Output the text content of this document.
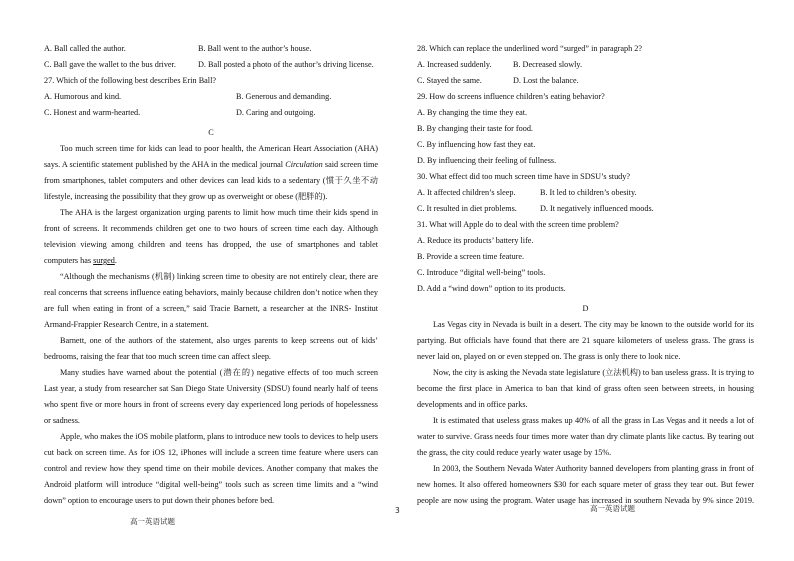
A. Ball called the author.	B. Ball went to the author’s house.
C. Ball gave the wallet to the bus driver.	D. Ball posted a photo of the author’s driving license.
27. Which of the following best describes Erin Ball?
A. Humorous and kind.	B. Generous and demanding.
C. Honest and warm-hearted.	D. Caring and outgoing.
C
Too much screen time for kids can lead to poor health, the American Heart Association (AHA)
says. A scientific statement published by the AHA in the medical journal Circulation said screen time
from smartphones, tablet computers and other devices can lead kids to a sedentary (惯于久坐不动
lifestyle, increasing the possibility that they grow up as overweight or obese (肥胖的).
The AHA is the largest organization urging parents to limit how much time their kids spend in
front of screens. It recommends children get one to two hours of screen time each day. Although
television viewing among children and teens has dropped, the use of smartphones and tablet
computers has surged.
“Although the mechanisms (机制) linking screen time to obesity are not entirely clear, there are
real concerns that screens influence eating behaviors, mainly because children don’t notice when they
are full when eating in front of a screen,” said Tracie Barnett, a researcher at the INRS- Institut
Armand-Frappier Research Centre, in a statement.
Barnett, one of the authors of the statement, also urges parents to keep screens out of kids’
bedrooms, raising the fear that too much screen time can affect sleep.
Many studies have warned about the potential (潜在的) negative effects of too much screen
Last year, a study from researcher sat San Diego State University (SDSU) found nearly half of teens
who spent five or more hours in front of screens every day experienced long periods of hopelessness
or sadness.
Apple, who makes the iOS mobile platform, plans to introduce new tools to devices to help users
cut back on screen time. As for iOS 12, iPhones will include a screen time feature where users can
control and review how they spend time on their mobile devices. Another company that makes the
Android platform will introduce “digital well-being” tools such as screen time limits and a “wind
down” option to encourage users to put down their phones before bed.
28. Which can replace the underlined word “surged” in paragraph 2?
A. Increased suddenly.	B. Decreased slowly.
C. Stayed the same.	D. Lost the balance.
29. How do screens influence children’s eating behavior?
A. By changing the time they eat.
B. By changing their taste for food.
C. By influencing how fast they eat.
D. By influencing their feeling of fullness.
30. What effect did too much screen time have in SDSU’s study?
A. It affected children’s sleep.	B. It led to children’s obesity.
C. It resulted in diet problems.	D. It negatively influenced moods.
31. What will Apple do to deal with the screen time problem?
A. Reduce its products’ battery life.
B. Provide a screen time feature.
C. Introduce “digital well-being” tools.
D. Add a “wind down” option to its products.
D
Las Vegas city in Nevada is built in a desert. The city may be known to the outside world for its
partying. But officials have found that there are 21 square kilometers of useless grass. The grass is
never laid on, played on or even stepped on. The grass is only there to look nice.
Now, the city is asking the Nevada state legislature (立法机构) to ban useless grass. It is trying to
become the first place in America to ban that kind of grass often seen between streets, in housing
developments and in office parks.
It is estimated that useless grass makes up 40% of all the grass in Las Vegas and it needs a lot of
water to survive. Grass needs four times more water than dry climate plants like cactus. By tearing out
the grass, the city could reduce yearly water usage by 15%.
In 2003, the Southern Nevada Water Authority banned developers from planting grass in front of
new homes. It also offered homeowners $30 for each square meter of grass they tear out. But fewer
people are now using the program. Water usage has increased in southern Nevada by 9% since 2019.
3
高一英语试题
高一英语试题
